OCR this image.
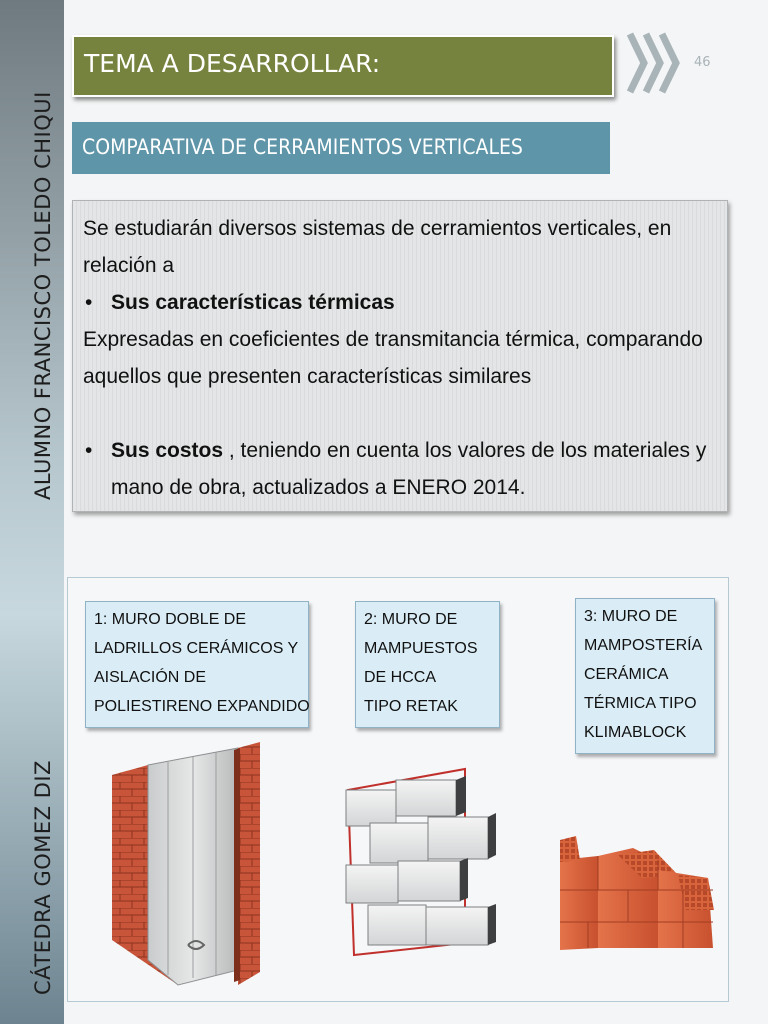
ALUMNO FRANCISCO TOLEDO CHIQUI
CÁTEDRA GOMEZ DIZ
TEMA A DESARROLLAR:	46
COMPARATIVA DE CERRAMIENTOS VERTICALES

Se estudiarán diversos sistemas de cerramientos verticales, en relación a

• Sus características térmicas

Expresadas en coeficientes de transmitancia térmica, comparando aquellos que presenten características similares

• Sus costos , teniendo en cuenta los valores de los materiales y mano de obra, actualizados a ENERO 2014.

1: MURO DOBLE DE
LADRILLOS CERÁMICOS Y
AISLACIÓN DE
POLIESTIRENO EXPANDIDO
2: MURO DE
MAMPUESTOS
DE HCCA
TIPO RETAK
3: MURO DE
MAMPOSTERÍA
CERÁMICA
TÉRMICA TIPO
KLIMABLOCK
